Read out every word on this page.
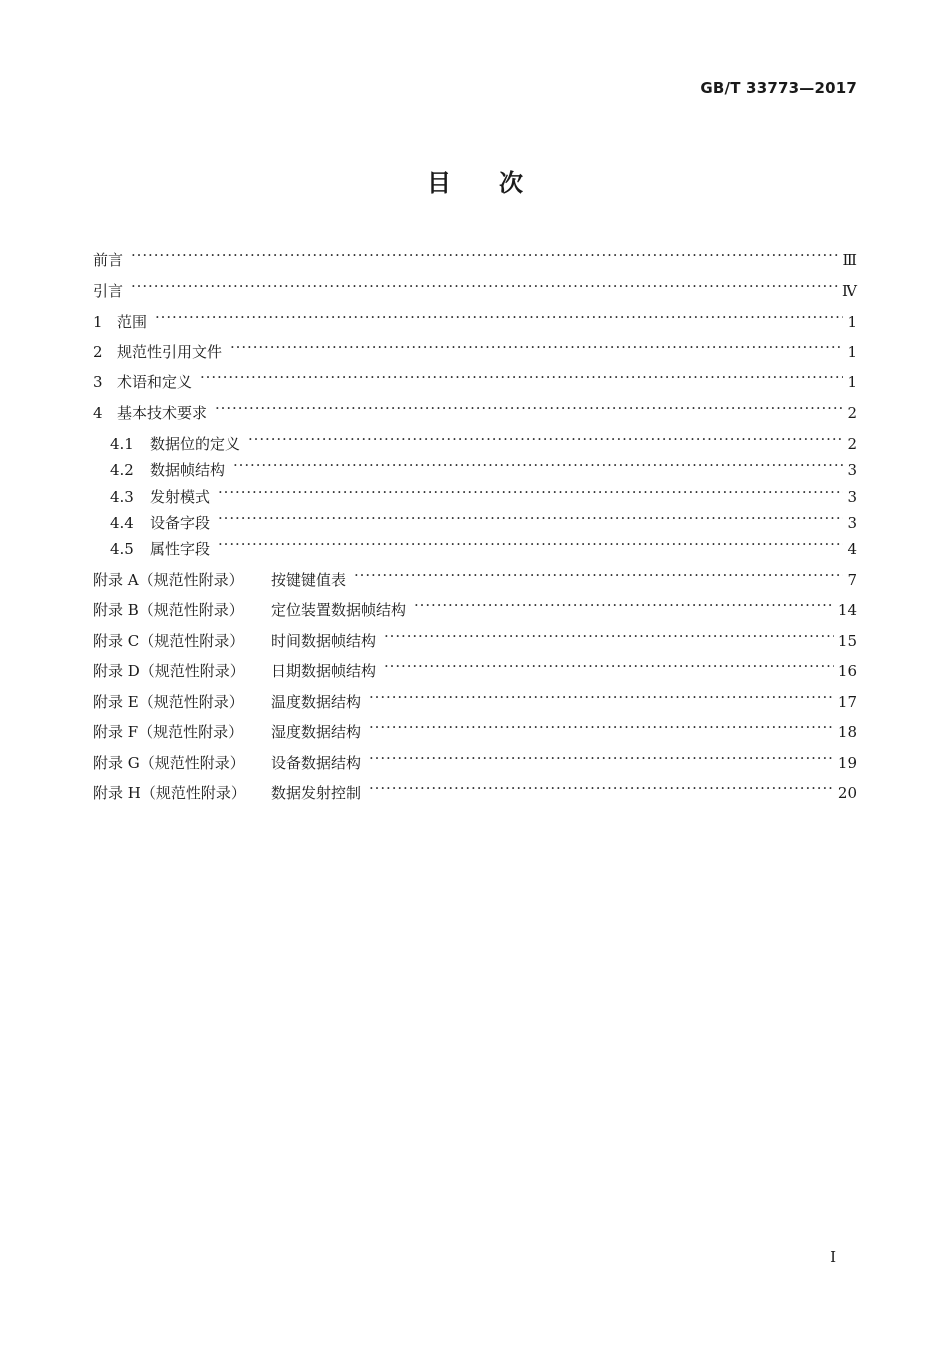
GB/T 33773—2017
目次
前言 ·····	Ⅲ
引言 ·····	Ⅳ
1 范围 ·····	1
2 规范性引用文件 ·····	1
3 术语和定义 ·····	1
4 基本技术要求 ·····	2
4.1	数据位的定义 ·····	2
4.2	数据帧结构 ·····	3
4.3	发射模式 ·····	3
4.4	设备字段 ·····	3
4.5	属性字段 ·····	4
附录 A（规范性附录）	按键键值表 ·····	7
附录 B（规范性附录）	定位装置数据帧结构 ·····	14
附录 C（规范性附录）	时间数据帧结构 ·····	15
附录 D（规范性附录）	日期数据帧结构 ·····	16
附录 E（规范性附录）	温度数据结构 ·····	17
附录 F（规范性附录）	湿度数据结构 ·····	18
附录 G（规范性附录）	设备数据结构 ·····	19
附录 H（规范性附录）	数据发射控制 ·····	20
I
